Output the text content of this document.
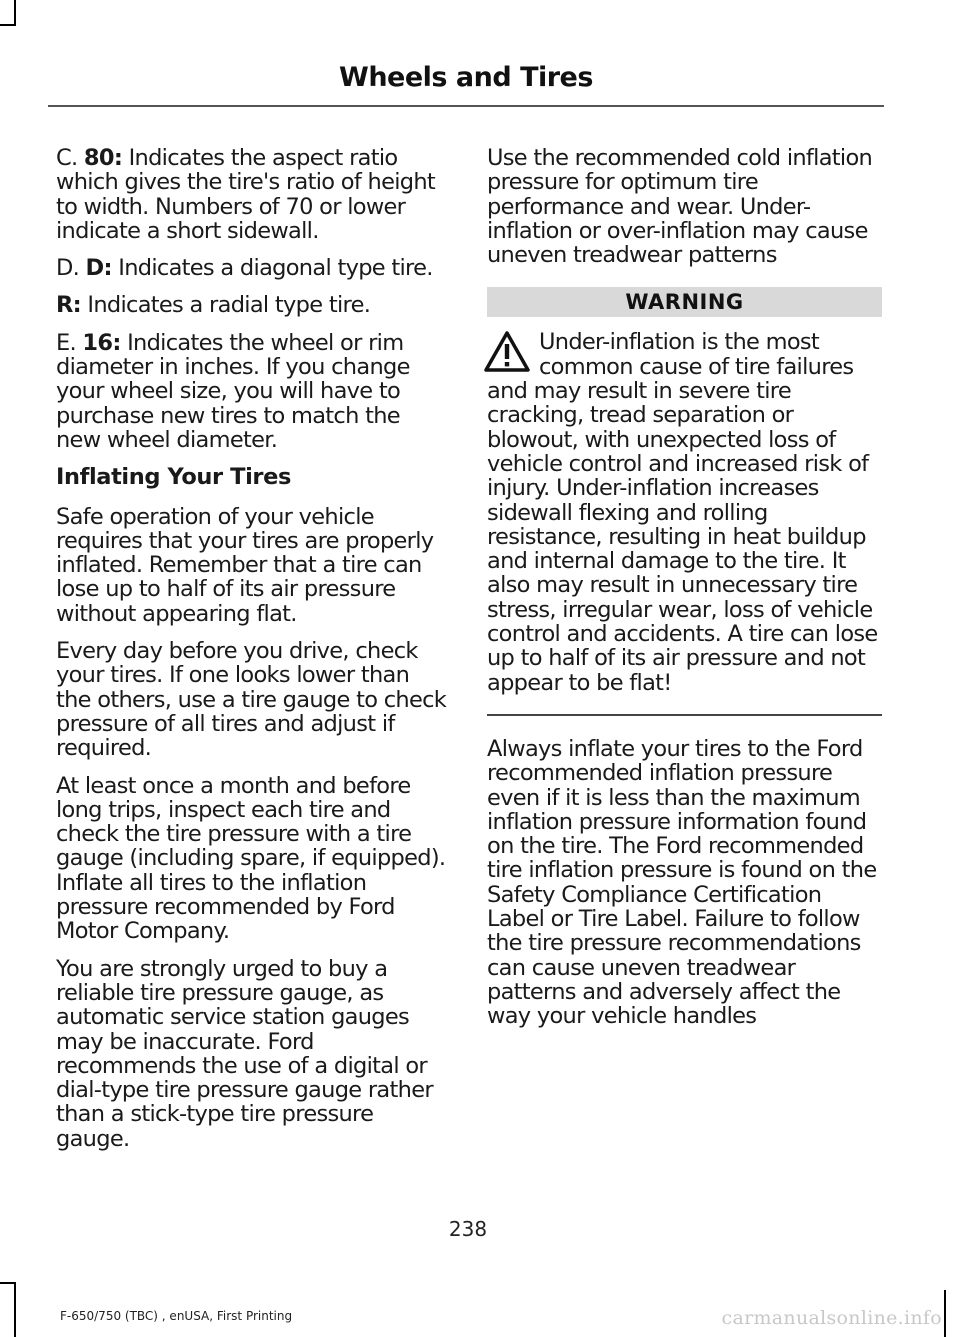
Wheels and Tires

C. 80: Indicates the aspect ratio which gives the tire's ratio of height to width. Numbers of 70 or lower indicate a short sidewall.

D. D: Indicates a diagonal type tire.

R: Indicates a radial type tire.

E. 16: Indicates the wheel or rim diameter in inches. If you change your wheel size, you will have to purchase new tires to match the new wheel diameter.

Inflating Your Tires

Safe operation of your vehicle requires that your tires are properly inflated. Remember that a tire can lose up to half of its air pressure without appearing flat.

Every day before you drive, check your tires. If one looks lower than the others, use a tire gauge to check pressure of all tires and adjust if required.

At least once a month and before long trips, inspect each tire and check the tire pressure with a tire gauge (including spare, if equipped). Inflate all tires to the inflation pressure recommended by Ford Motor Company.

You are strongly urged to buy a reliable tire pressure gauge, as automatic service station gauges may be inaccurate. Ford recommends the use of a digital or dial-type tire pressure gauge rather than a stick-type tire pressure gauge.

Use the recommended cold inflation pressure for optimum tire performance and wear. Under-inflation or over-inflation may cause uneven treadwear patterns

WARNING

Under-inflation is the most common cause of tire failures and may result in severe tire cracking, tread separation or blowout, with unexpected loss of vehicle control and increased risk of injury. Under-inflation increases sidewall flexing and rolling resistance, resulting in heat buildup and internal damage to the tire. It also may result in unnecessary tire stress, irregular wear, loss of vehicle control and accidents. A tire can lose up to half of its air pressure and not appear to be flat!

Always inflate your tires to the Ford recommended inflation pressure even if it is less than the maximum inflation pressure information found on the tire. The Ford recommended tire inflation pressure is found on the Safety Compliance Certification Label or Tire Label. Failure to follow the tire pressure recommendations can cause uneven treadwear patterns and adversely affect the way your vehicle handles

238
F-650/750 (TBC) , enUSA, First Printing	carmanualsonline.info
